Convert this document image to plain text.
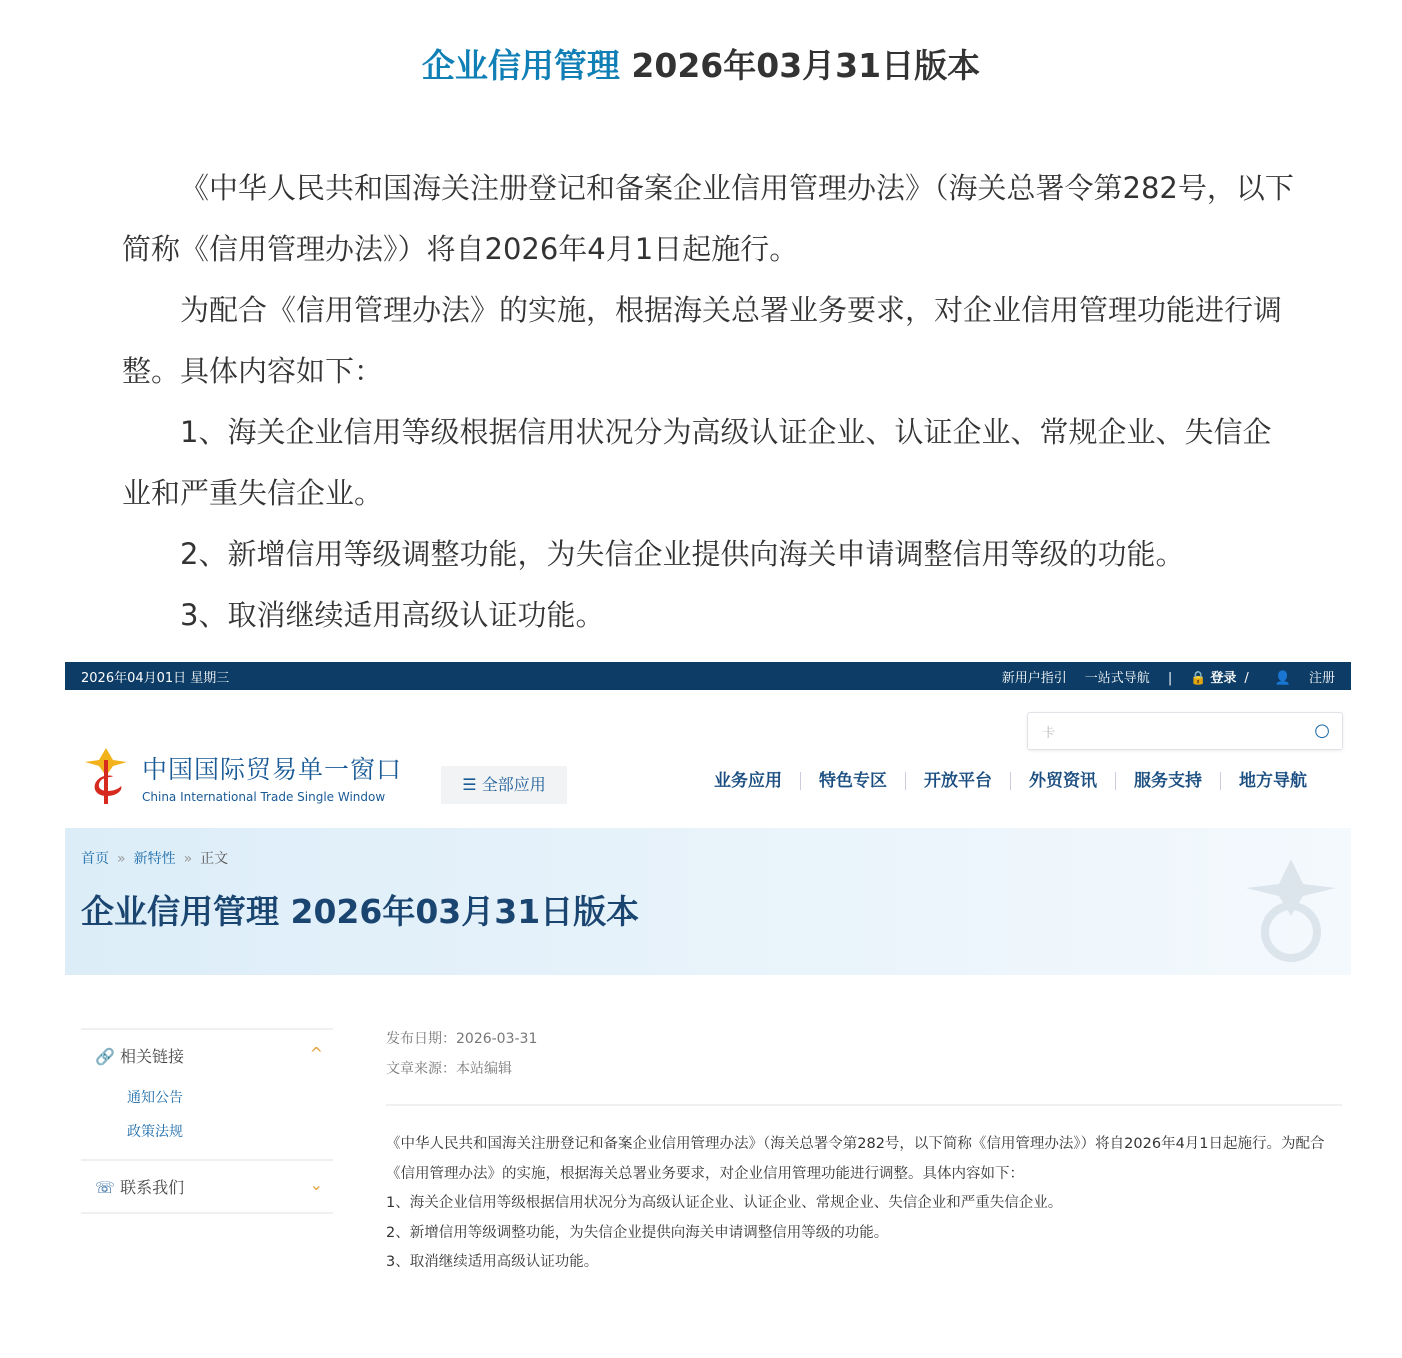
企业信用管理 2026年03月31日版本

《中华人民共和国海关注册登记和备案企业信用管理办法》（海关总署令第282号，以下简称《信用管理办法》）将自2026年4月1日起施行。

为配合《信用管理办法》的实施，根据海关总署业务要求，对企业信用管理功能进行调整。具体内容如下：

1、海关企业信用等级根据信用状况分为高级认证企业、认证企业、常规企业、失信企业和严重失信企业。

2、新增信用等级调整功能，为失信企业提供向海关申请调整信用等级的功能。

3、取消继续适用高级认证功能。

2026年04月01日 星期三	新用户指引 一站式导航 | 🔒 登录 / 👤 注册
卡	○
中国国际贸易单一窗口
China International Trade Single Window
☰ 全部应用	业务应用	特色专区	开放平台	外贸资讯	服务支持	地方导航
首页 » 新特性 » 正文
企业信用管理 2026年03月31日版本
🔗 相关链接	^
通知公告
政策法规
☏ 联系我们	⌄
发布日期：2026-03-31
文章来源：本站编辑

《中华人民共和国海关注册登记和备案企业信用管理办法》（海关总署令第282号，以下简称《信用管理办法》）将自2026年4月1日起施行。为配合《信用管理办法》的实施，根据海关总署业务要求，对企业信用管理功能进行调整。具体内容如下：

1、海关企业信用等级根据信用状况分为高级认证企业、认证企业、常规企业、失信企业和严重失信企业。

2、新增信用等级调整功能，为失信企业提供向海关申请调整信用等级的功能。

3、取消继续适用高级认证功能。
